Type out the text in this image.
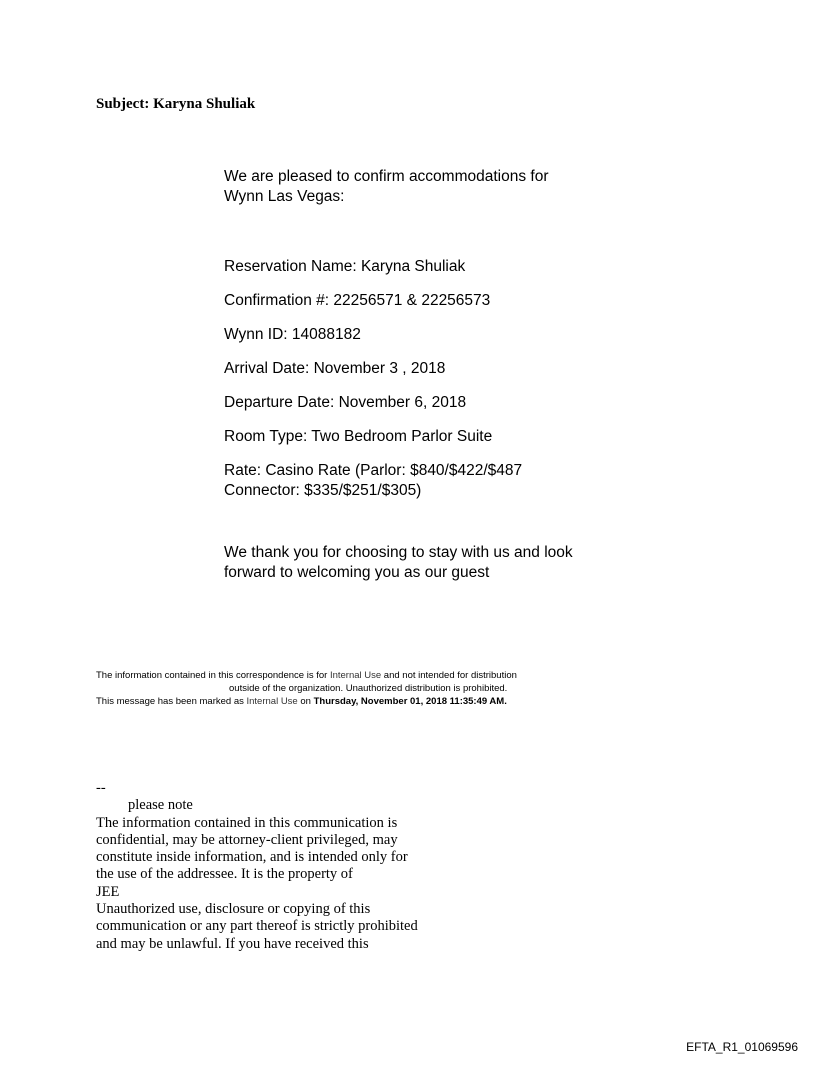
Subject: Karyna Shuliak

We are pleased to confirm accommodations for
Wynn Las Vegas:

Reservation Name: Karyna Shuliak
Confirmation #: 22256571 & 22256573
Wynn ID: 14088182
Arrival Date: November 3 , 2018
Departure Date: November 6, 2018
Room Type: Two Bedroom Parlor Suite
Rate: Casino Rate (Parlor: $840/$422/$487
Connector: $335/$251/$305)

We thank you for choosing to stay with us and look
forward to welcoming you as our guest

The information contained in this correspondence is for Internal Use and not intended for distribution
outside of the organization. Unauthorized distribution is prohibited.
This message has been marked as Internal Use on Thursday, November 01, 2018 11:35:49 AM.
--
please note
The information contained in this communication is
confidential, may be attorney-client privileged, may
constitute inside information, and is intended only for
the use of the addressee. It is the property of
JEE
Unauthorized use, disclosure or copying of this
communication or any part thereof is strictly prohibited
and may be unlawful. If you have received this
EFTA_R1_01069596
